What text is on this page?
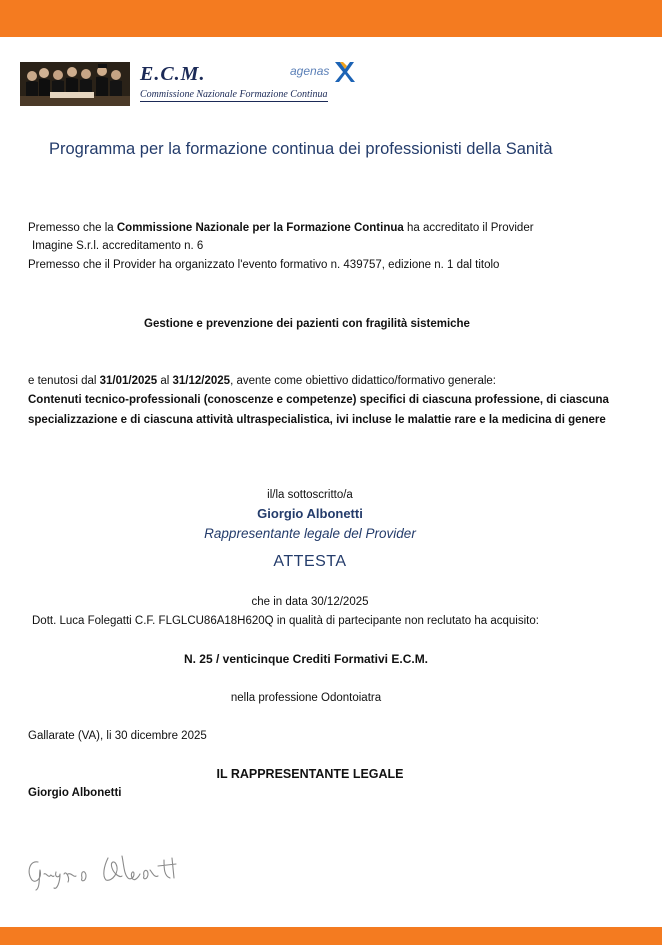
E.C.M.
Commissione Nazionale Formazione Continua
agenas
Programma per la formazione continua dei professionisti della Sanità
Premesso che la Commissione Nazionale per la Formazione Continua ha accreditato il Provider
Imagine S.r.l. accreditamento n. 6
Premesso che il Provider ha organizzato l'evento formativo n. 439757, edizione n. 1 dal titolo
Gestione e prevenzione dei pazienti con fragilità sistemiche
e tenutosi dal 31/01/2025 al 31/12/2025, avente come obiettivo didattico/formativo generale:
Contenuti tecnico-professionali (conoscenze e competenze) specifici di ciascuna professione, di ciascuna specializzazione e di ciascuna attività ultraspecialistica, ivi incluse le malattie rare e la medicina di genere
il/la sottoscritto/a
Giorgio Albonetti
Rappresentante legale del Provider
ATTESTA
che in data 30/12/2025
Dott. Luca Folegatti C.F. FLGLCU86A18H620Q in qualità di partecipante non reclutato ha acquisito:
N. 25 / venticinque Crediti Formativi E.C.M.
nella professione Odontoiatra
Gallarate (VA), li 30 dicembre 2025
IL RAPPRESENTANTE LEGALE
Giorgio Albonetti
